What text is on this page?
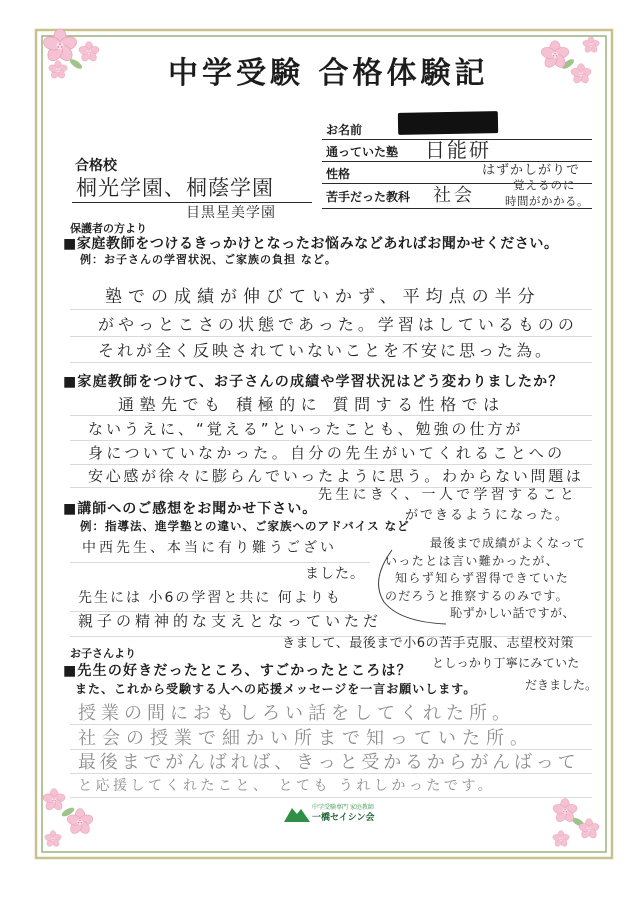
中学受験 合格体験記
お名前
通っていた塾 日能研
性格	はずかしがりで
苦手だった教科 社会	覚えるのに
時間がかかる。
合格校
桐光学園、桐蔭学園
目黒星美学園
保護者の方より
■家庭教師をつけるきっかけとなったお悩みなどあればお聞かせください。
例：お子さんの学習状況、ご家族の負担 など。
塾での成績が伸びていかず、平均点の半分
がやっとこさの状態であった。学習はしているものの
それが全く反映されていないことを不安に思った為。
■家庭教師をつけて、お子さんの成績や学習状況はどう変わりましたか？
通塾先でも 積極的に 質問する性格では
ないうえに、“覚える”といったことも、勉強の仕方が
身についていなかった。自分の先生がいてくれることへの
安心感が徐々に膨らんでいったように思う。わからない問題は
先生にきく、一人で学習すること
ができるようになった。
最後まで成績がよくなって
いったとは言い難かったが、
知らず知らず習得できていた
のだろうと推察するのみです。
恥ずかしい話ですが、
■講師へのご感想をお聞かせ下さい。
例：指導法、進学塾との違い、ご家族へのアドバイス など
中西先生、本当に有り難うござい
ました。
先生には 小6の学習と共に 何よりも
親子の精神的な支えとなっていただ
きまして、最後まで小6の苦手克服、志望校対策
としっかり丁寧にみていた
だきました。
お子さんより
■先生の好きだったところ、すごかったところは？
また、これから受験する人への応援メッセージを一言お願いします。
授業の間におもしろい話をしてくれた所。
社会の授業で細かい所まで知っていた所。
最後までがんばれば、きっと受かるからがんばって
と応援してくれたこと、 とても うれしかったです。
中学受験専門 家庭教師
一橋セイシン会
